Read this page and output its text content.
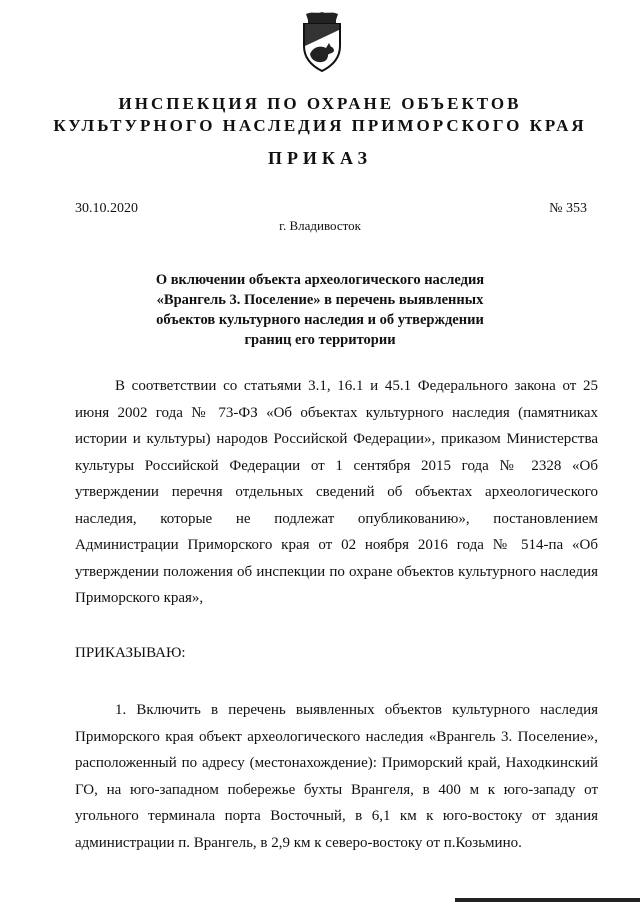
ИНСПЕКЦИЯ ПО ОХРАНЕ ОБЪЕКТОВ
КУЛЬТУРНОГО НАСЛЕДИЯ ПРИМОРСКОГО КРАЯ
ПРИКАЗ
30.10.2020	№ 353
г. Владивосток
О включении объекта археологического наследия
«Врангель 3. Поселение» в перечень выявленных
объектов культурного наследия и об утверждении
границ его территории

В соответствии со статьями 3.1, 16.1 и 45.1 Федерального закона от 25 июня 2002 года № 73-ФЗ «Об объектах культурного наследия (памятниках истории и культуры) народов Российской Федерации», приказом Министерства культуры Российской Федерации от 1 сентября 2015 года № 2328 «Об утверждении перечня отдельных сведений об объектах археологического наследия, которые не подлежат опубликованию», постановлением Администрации Приморского края от 02 ноября 2016 года № 514-па «Об утверждении положения об инспекции по охране объектов культурного наследия Приморского края»,

ПРИКАЗЫВАЮ:

1. Включить в перечень выявленных объектов культурного наследия Приморского края объект археологического наследия «Врангель 3. Поселение», расположенный по адресу (местонахождение): Приморский край, Находкинский ГО, на юго-западном побережье бухты Врангеля, в 400 м к юго-западу от угольного терминала порта Восточный, в 6,1 км к юго-востоку от здания администрации п. Врангель, в 2,9 км к северо-востоку от п.Козьмино.
